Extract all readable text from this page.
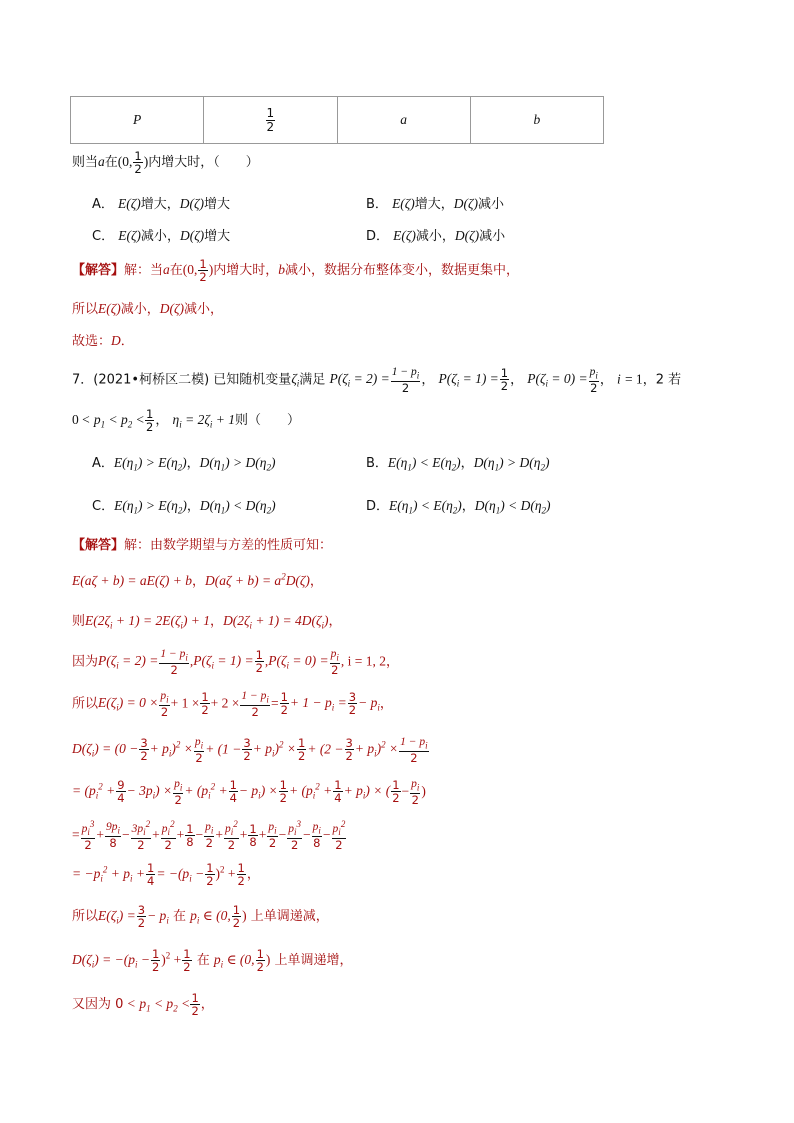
P	$\frac{1}{2}$	a	b
则当a在(0, $\frac{1}{2}$ )内增大时，（　　）
A． E(ζ)增大，D(ζ)增大	B． E(ζ)增大，D(ζ)减小
C． E(ζ)减小，D(ζ)增大	D． E(ζ)减小，D(ζ)减小
【解答】解：当a在(0, $\frac{1}{2}$ )内增大时，b减小，数据分布整体变小，数据更集中，
所以E(ζ)减小，D(ζ)减小，
故选：D．
7．(2021•柯桥区二模) 已知随机变量$\zeta_i$满足 $P(\zeta_i = 2) = \frac{1 - p_i}{2}$ ， $P(\zeta_i = 1) = \frac{1}{2}$ ， $P(\zeta_i = 0) = \frac{p_i}{2}$ ， i = 1，2 若
$0 < p_1 < p_2 < \frac{1}{2}$ ， $\eta_i = 2\zeta_i + 1$则（　　）
A．$E(\eta_1) > E(\eta_2)$，$D(\eta_1) > D(\eta_2)$	B．$E(\eta_1) < E(\eta_2)$，$D(\eta_1) > D(\eta_2)$
C．$E(\eta_1) > E(\eta_2)$，$D(\eta_1) < D(\eta_2)$	D．$E(\eta_1) < E(\eta_2)$，$D(\eta_1) < D(\eta_2)$
【解答】解：由数学期望与方差的性质可知：
E(aζ + b) = aE(ζ) + b，$D(a\zeta + b) = a^2D(\zeta)$，
则$E(2\zeta_i + 1) = 2E(\zeta_i) + 1$，$D(2\zeta_i + 1) = 4D(\zeta_i)$，
因为$P(\zeta_i = 2) = \frac{1 - p_i}{2} ,P(\zeta_i = 1) = \frac{1}{2} ,P(\zeta_i = 0) = \frac{p_i}{2}$ , i = 1, 2，
所以$E(\zeta_i) = 0 \times \frac{p_i}{2} + 1 \times \frac{1}{2} + 2 \times \frac{1 - p_i}{2} = \frac{1}{2} + 1 - p_i = \frac{3}{2} - p_i$，
$D(\zeta_i) = (0 - \frac{3}{2} + p_i)^2 \times \frac{p_i}{2} + (1 - \frac{3}{2} + p_i)^2 \times \frac{1}{2} + (2 - \frac{3}{2} + p_i)^2 \times \frac{1 - p_i}{2}$
= $(p_i^2 + \frac{9}{4} - 3p_i) \times \frac{p_i}{2} + (p_i^2 + \frac{1}{4} - p_i) \times \frac{1}{2} + (p_i^2 + \frac{1}{4} + p_i)$ × ( $\frac{1}{2} - \frac{p_i}{2}$ )
= $\frac{p_i^3}{2} + \frac{9p_i}{8} - \frac{3p_i^2}{2} + \frac{p_i^2}{2} + \frac{1}{8} - \frac{p_i}{2} + \frac{p_i^2}{2} + \frac{1}{8} + \frac{p_i}{2} - \frac{p_i^3}{2} - \frac{p_i}{8} - \frac{p_i^2}{2}$
= $-p_i^2 + p_i + \frac{1}{4} = -(p_i - \frac{1}{2} )^2 + \frac{1}{2}$ ，
所以$E(\zeta_i) = \frac{3}{2} - p_i$ 在 $p_i$ ∈ (0, $\frac{1}{2}$ ) 上单调递减，
$D(\zeta_i) = -(p_i - \frac{1}{2} )^2 + \frac{1}{2}$ 在 $p_i$ ∈ (0, $\frac{1}{2}$ ) 上单调递增，
又因为 $0 < p_1 < p_2 < \frac{1}{2}$ ，
